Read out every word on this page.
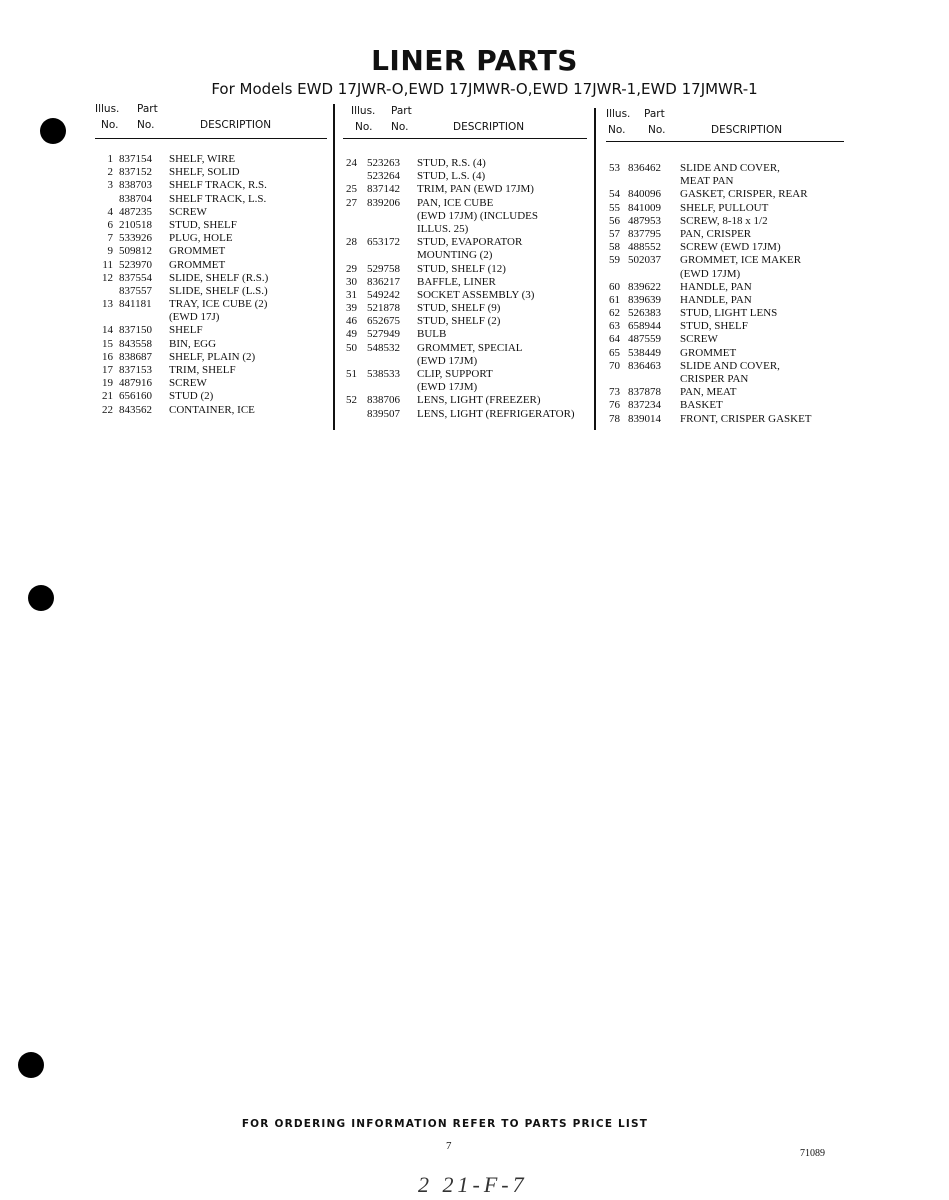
LINER PARTS
For Models EWD 17JWR-O,EWD 17JMWR-O,EWD 17JWR-1,EWD 17JMWR-1
Illus. Part
No. No.	DESCRIPTION
1 837154 SHELF, WIRE
2 837152 SHELF, SOLID
3 838703 SHELF TRACK, R.S.
838704 SHELF TRACK, L.S.
4 487235 SCREW
6 210518 STUD, SHELF
7 533926 PLUG, HOLE
9 509812 GROMMET
11 523970 GROMMET
12 837554 SLIDE, SHELF (R.S.)
837557 SLIDE, SHELF (L.S.)
13 841181 TRAY, ICE CUBE (2)
(EWD 17J)
14 837150 SHELF
15 843558 BIN, EGG
16 838687 SHELF, PLAIN (2)
17 837153 TRIM, SHELF
19 487916 SCREW
21 656160 STUD (2)
22 843562 CONTAINER, ICE
Illus. Part
No. No.	DESCRIPTION
24 523263 STUD, R.S. (4)
523264 STUD, L.S. (4)
25 837142 TRIM, PAN (EWD 17JM)
27 839206 PAN, ICE CUBE
(EWD 17JM) (INCLUDES
ILLUS. 25)
28 653172 STUD, EVAPORATOR
MOUNTING (2)
29 529758 STUD, SHELF (12)
30 836217 BAFFLE, LINER
31 549242 SOCKET ASSEMBLY (3)
39 521878 STUD, SHELF (9)
46 652675 STUD, SHELF (2)
49 527949 BULB
50 548532 GROMMET, SPECIAL
(EWD 17JM)
51 538533 CLIP, SUPPORT
(EWD 17JM)
52 838706 LENS, LIGHT (FREEZER)
839507 LENS, LIGHT (REFRIGERATOR)
Illus. Part
No. No.	DESCRIPTION
53 836462 SLIDE AND COVER,
MEAT PAN
54 840096 GASKET, CRISPER, REAR
55 841009 SHELF, PULLOUT
56 487953 SCREW, 8-18 x 1/2
57 837795 PAN, CRISPER
58 488552 SCREW (EWD 17JM)
59 502037 GROMMET, ICE MAKER
(EWD 17JM)
60 839622 HANDLE, PAN
61 839639 HANDLE, PAN
62 526383 STUD, LIGHT LENS
63 658944 STUD, SHELF
64 487559 SCREW
65 538449 GROMMET
70 836463 SLIDE AND COVER,
CRISPER PAN
73 837878 PAN, MEAT
76 837234 BASKET
78 839014 FRONT, CRISPER GASKET
FOR ORDERING INFORMATION REFER TO PARTS PRICE LIST
7
71089
2 21-F-7
